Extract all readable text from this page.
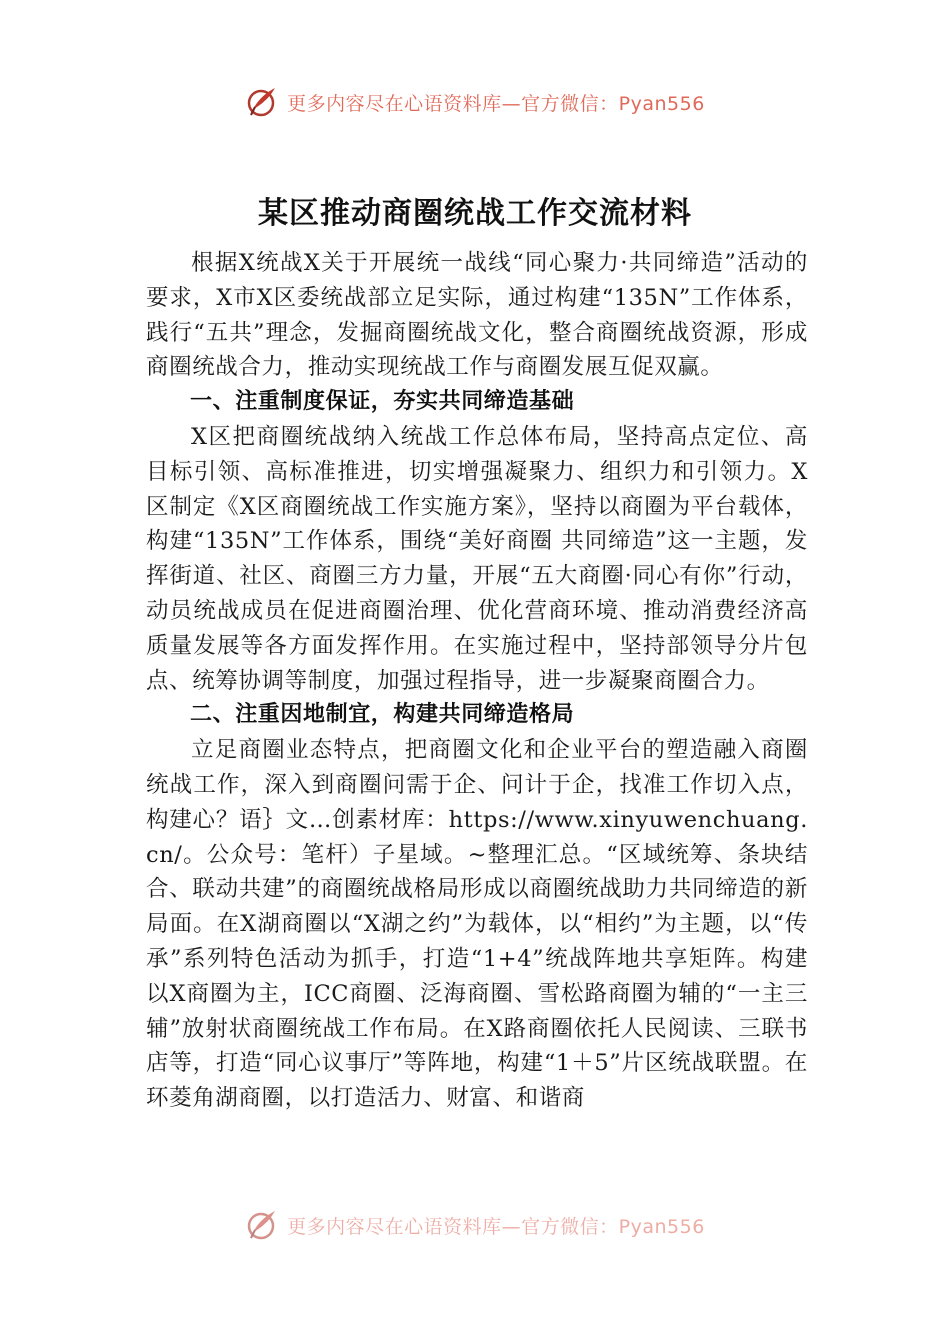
更多内容尽在心语资料库—官方微信：Pyan556
某区推动商圈统战工作交流材料

根据X统战X关于开展统一战线“同心聚力·共同缔造”活动的要求，X市X区委统战部立足实际，通过构建“135N”工作体系，践行“五共”理念，发掘商圈统战文化，整合商圈统战资源，形成商圈统战合力，推动实现统战工作与商圈发展互促双赢。

一、注重制度保证，夯实共同缔造基础

X区把商圈统战纳入统战工作总体布局，坚持高点定位、高目标引领、高标准推进，切实增强凝聚力、组织力和引领力。X区制定《X区商圈统战工作实施方案》，坚持以商圈为平台载体，构建“135N”工作体系，围绕“美好商圈 共同缔造”这一主题，发挥街道、社区、商圈三方力量，开展“五大商圈·同心有你”行动，动员统战成员在促进商圈治理、优化营商环境、推动消费经济高质量发展等各方面发挥作用。在实施过程中，坚持部领导分片包点、统筹协调等制度，加强过程指导，进一步凝聚商圈合力。

二、注重因地制宜，构建共同缔造格局

立足商圈业态特点，把商圈文化和企业平台的塑造融入商圈统战工作，深入到商圈问需于企、问计于企，找准工作切入点，构建心？语｝文…创素材库：https://www.xinyuwenchuang.cn/。公众号：笔杆）子星域。~整理汇总。“区域统筹、条块结合、联动共建”的商圈统战格局形成以商圈统战助力共同缔造的新局面。在X湖商圈以“X湖之约”为载体，以“相约”为主题，以“传承”系列特色活动为抓手，打造“1+4”统战阵地共享矩阵。构建以X商圈为主，ICC商圈、泛海商圈、雪松路商圈为辅的“一主三辅”放射状商圈统战工作布局。在X路商圈依托人民阅读、三联书店等，打造“同心议事厅”等阵地，构建“1＋5”片区统战联盟。在环菱角湖商圈，以打造活力、财富、和谐商

更多内容尽在心语资料库—官方微信：Pyan556
